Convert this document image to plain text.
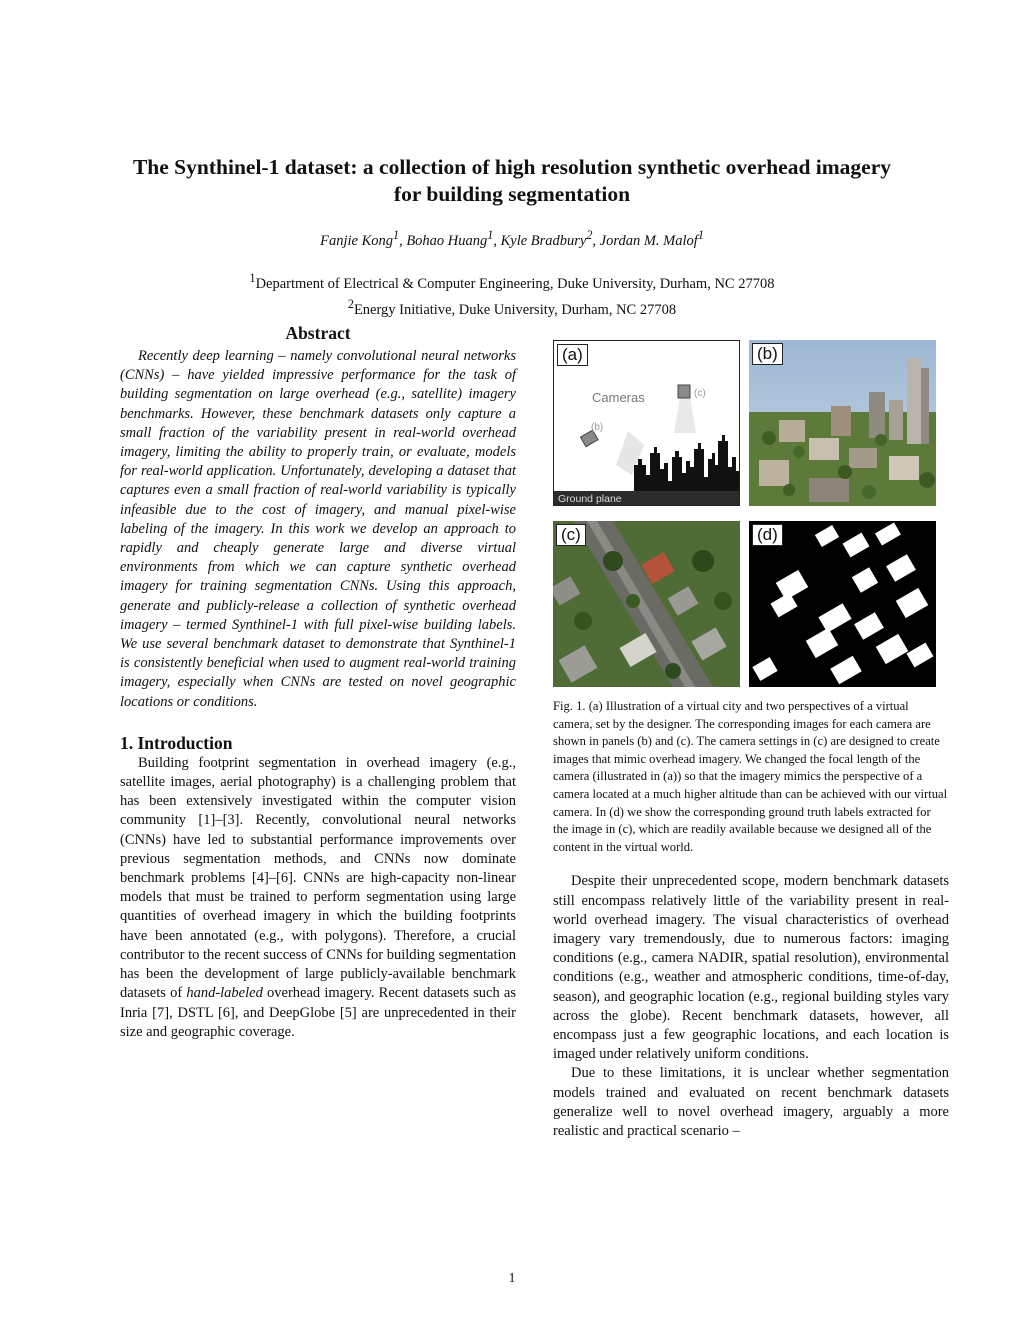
The Synthinel-1 dataset: a collection of high resolution synthetic overhead imagery for building segmentation
Fanjie Kong$^1$, Bohao Huang$^1$, Kyle Bradbury$^2$, Jordan M. Malof$^1$

$^1$Department of Electrical & Computer Engineering, Duke University, Durham, NC 27708

$^2$Energy Initiative, Duke University, Durham, NC 27708

Abstract

Recently deep learning – namely convolutional neural networks (CNNs) – have yielded impressive performance for the task of building segmentation on large overhead (e.g., satellite) imagery benchmarks. However, these benchmark datasets only capture a small fraction of the variability present in real-world overhead imagery, limiting the ability to properly train, or evaluate, models for real-world application. Unfortunately, developing a dataset that captures even a small fraction of real-world variability is typically infeasible due to the cost of imagery, and manual pixel-wise labeling of the imagery. In this work we develop an approach to rapidly and cheaply generate large and diverse virtual environments from which we can capture synthetic overhead imagery for training segmentation CNNs. Using this approach, generate and publicly-release a collection of synthetic overhead imagery – termed Synthinel-1 with full pixel-wise building labels. We use several benchmark dataset to demonstrate that Synthinel-1 is consistently beneficial when used to augment real-world training imagery, especially when CNNs are tested on novel geographic locations or conditions.

1. Introduction

Building footprint segmentation in overhead imagery (e.g., satellite images, aerial photography) is a challenging problem that has been extensively investigated within the computer vision community [1]–[3]. Recently, convolutional neural networks (CNNs) have led to substantial performance improvements over previous segmentation methods, and CNNs now dominate benchmark problems [4]–[6]. CNNs are high-capacity non-linear models that must be trained to perform segmentation using large quantities of overhead imagery in which the building footprints have been annotated (e.g., with polygons). Therefore, a crucial contributor to the recent success of CNNs for building segmentation has been the development of large publicly-available benchmark datasets of hand-labeled overhead imagery. Recent datasets such as Inria [7], DSTL [6], and DeepGlobe [5] are unprecedented in their size and geographic coverage.

Cameras	(c)
(b)
Ground plane
(a)	(b)
(c)	(d)

Fig. 1. (a) Illustration of a virtual city and two perspectives of a virtual camera, set by the designer. The corresponding images for each camera are shown in panels (b) and (c). The camera settings in (c) are designed to create images that mimic overhead imagery. We changed the focal length of the camera (illustrated in (a)) so that the imagery mimics the perspective of a camera located at a much higher altitude than can be achieved with our virtual camera. In (d) we show the corresponding ground truth labels extracted for the image in (c), which are readily available because we designed all of the content in the virtual world.

Despite their unprecedented scope, modern benchmark datasets still encompass relatively little of the variability present in real-world overhead imagery. The visual characteristics of overhead imagery vary tremendously, due to numerous factors: imaging conditions (e.g., camera NADIR, spatial resolution), environmental conditions (e.g., weather and atmospheric conditions, time-of-day, season), and geographic location (e.g., regional building styles vary across the globe). Recent benchmark datasets, however, all encompass just a few geographic locations, and each location is imaged under relatively uniform conditions.

Due to these limitations, it is unclear whether segmentation models trained and evaluated on recent benchmark datasets generalize well to novel overhead imagery, arguably a more realistic and practical scenario –

1
